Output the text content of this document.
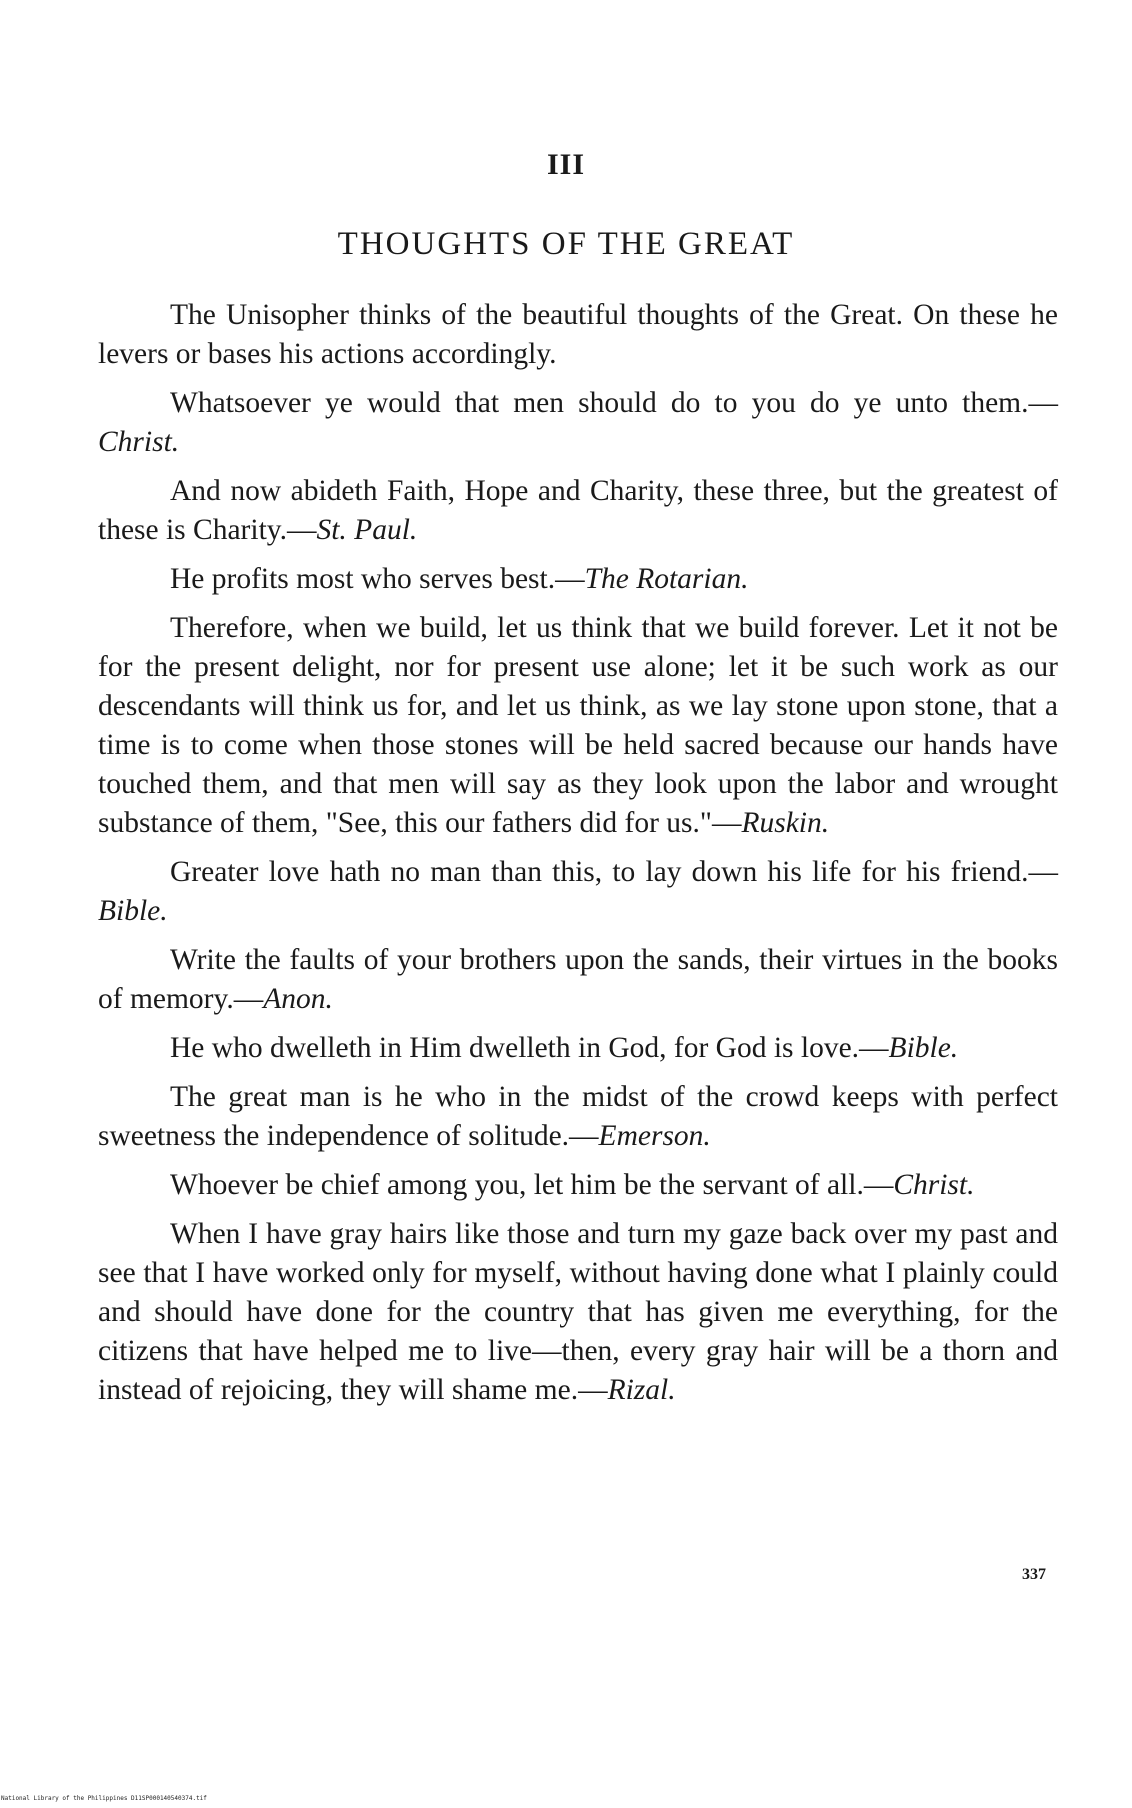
III
THOUGHTS OF THE GREAT

The Unisopher thinks of the beautiful thoughts of the Great. On these he levers or bases his actions accordingly.

Whatsoever ye would that men should do to you do ye unto them.—Christ.

And now abideth Faith, Hope and Charity, these three, but the greatest of these is Charity.—St. Paul.

He profits most who serves best.—The Rotarian.

Therefore, when we build, let us think that we build forever. Let it not be for the present delight, nor for present use alone; let it be such work as our descendants will think us for, and let us think, as we lay stone upon stone, that a time is to come when those stones will be held sacred because our hands have touched them, and that men will say as they look upon the labor and wrought substance of them, "See, this our fathers did for us."—Ruskin.

Greater love hath no man than this, to lay down his life for his friend.—Bible.

Write the faults of your brothers upon the sands, their virtues in the books of memory.—Anon.

He who dwelleth in Him dwelleth in God, for God is love.—Bible.

The great man is he who in the midst of the crowd keeps with perfect sweetness the independence of solitude.—Emerson.

Whoever be chief among you, let him be the servant of all.—Christ.

When I have gray hairs like those and turn my gaze back over my past and see that I have worked only for myself, without having done what I plainly could and should have done for the country that has given me everything, for the citizens that have helped me to live—then, every gray hair will be a thorn and instead of rejoicing, they will shame me.—Rizal.

337
National Library of the Philippines D11SP000140540374.tif
